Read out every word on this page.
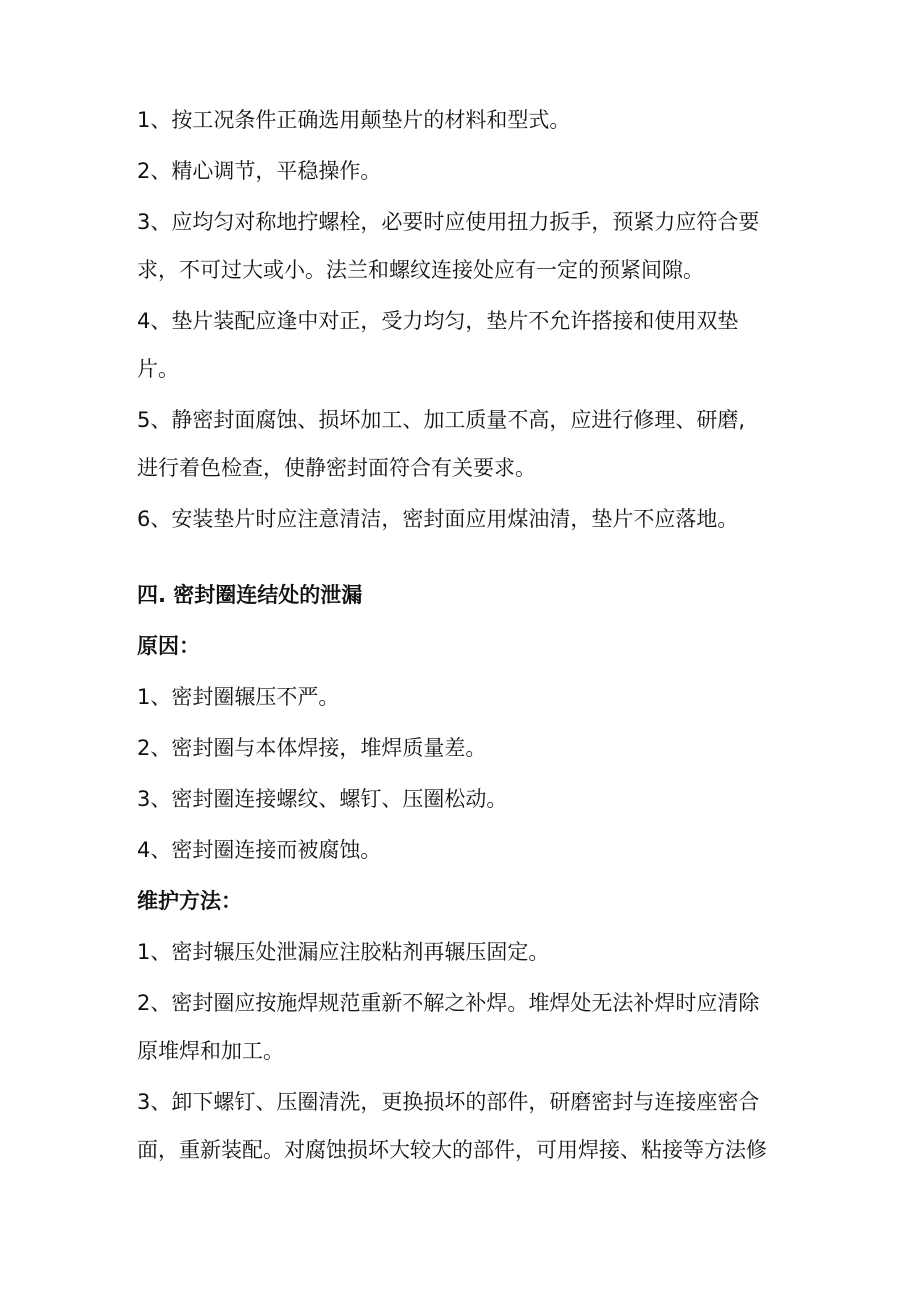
1、按工况条件正确选用颠垫片的材料和型式。

2、精心调节，平稳操作。

3、应均匀对称地拧螺栓，必要时应使用扭力扳手，预紧力应符合要
求，不可过大或小。法兰和螺纹连接处应有一定的预紧间隙。

4、垫片装配应逢中对正，受力均匀，垫片不允许搭接和使用双垫
片。

5、静密封面腐蚀、损坏加工、加工质量不高，应进行修理、研磨,
进行着色检查，使静密封面符合有关要求。

6、安装垫片时应注意清洁，密封面应用煤油清，垫片不应落地。

四. 密封圈连结处的泄漏

原因：

1、密封圈辗压不严。

2、密封圈与本体焊接，堆焊质量差。

3、密封圈连接螺纹、螺钉、压圈松动。

4、密封圈连接而被腐蚀。

维护方法：

1、密封辗压处泄漏应注胶粘剂再辗压固定。

2、密封圈应按施焊规范重新不解之补焊。堆焊处无法补焊时应清除
原堆焊和加工。

3、卸下螺钉、压圈清洗，更换损坏的部件，研磨密封与连接座密合
面，重新装配。对腐蚀损坏大较大的部件，可用焊接、粘接等方法修
